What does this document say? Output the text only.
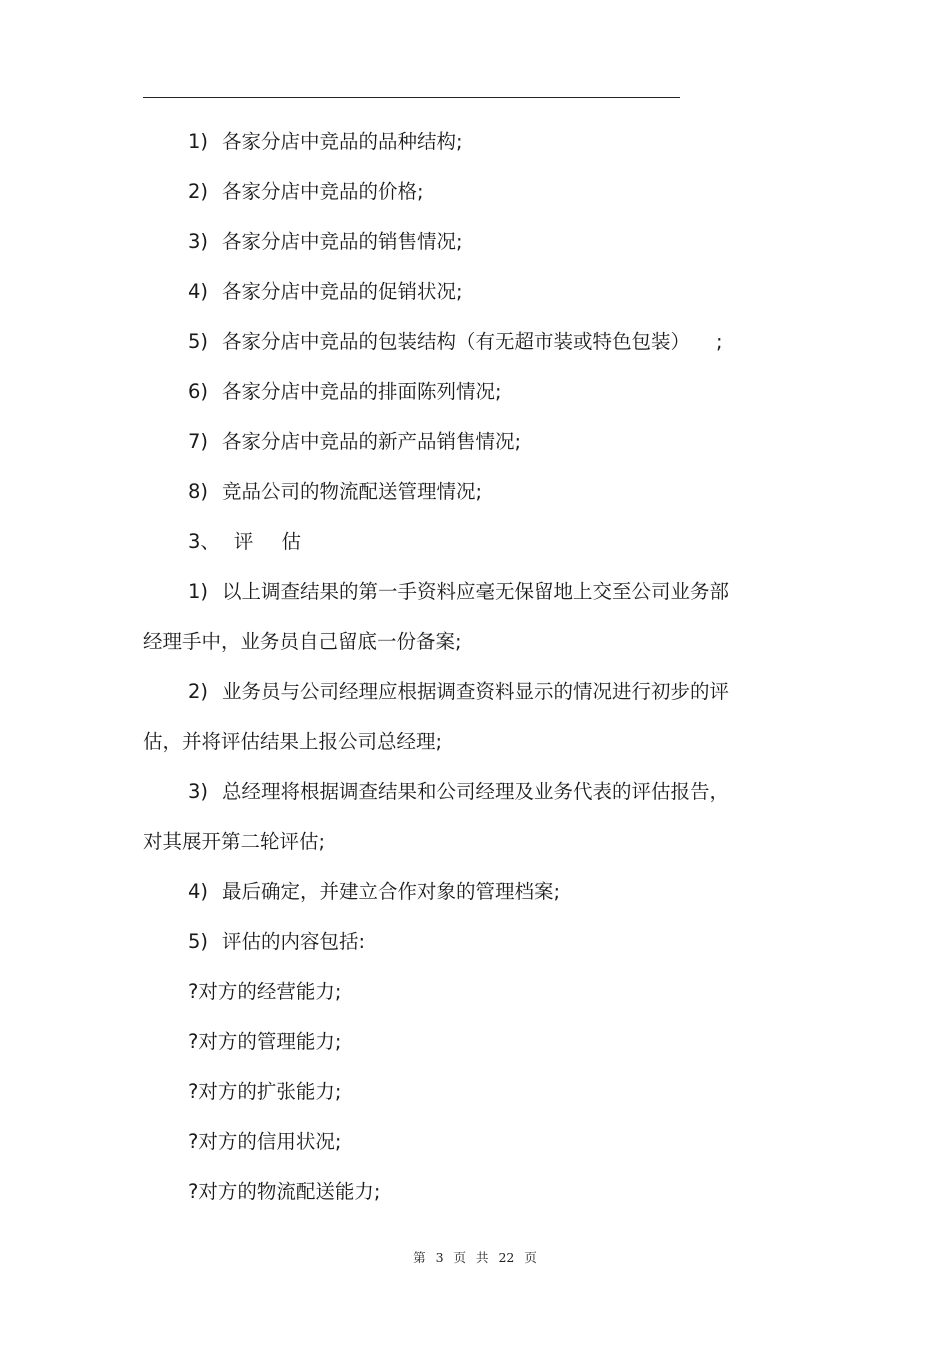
1) 各家分店中竞品的品种结构;
2) 各家分店中竞品的价格;
3) 各家分店中竞品的销售情况;
4) 各家分店中竞品的促销状况;
5) 各家分店中竞品的包装结构（有无超市装或特色包装） ;
6) 各家分店中竞品的排面陈列情况;
7) 各家分店中竞品的新产品销售情况;
8) 竞品公司的物流配送管理情况;
3、 评 估
1) 以上调查结果的第一手资料应毫无保留地上交至公司业务部
经理手中，业务员自己留底一份备案;
2) 业务员与公司经理应根据调查资料显示的情况进行初步的评
估，并将评估结果上报公司总经理;
3) 总经理将根据调查结果和公司经理及业务代表的评估报告，
对其展开第二轮评估;
4) 最后确定，并建立合作对象的管理档案;
5) 评估的内容包括:
?对方的经营能力;
?对方的管理能力;
?对方的扩张能力;
?对方的信用状况;
?对方的物流配送能力;
第 3 页 共 22 页
